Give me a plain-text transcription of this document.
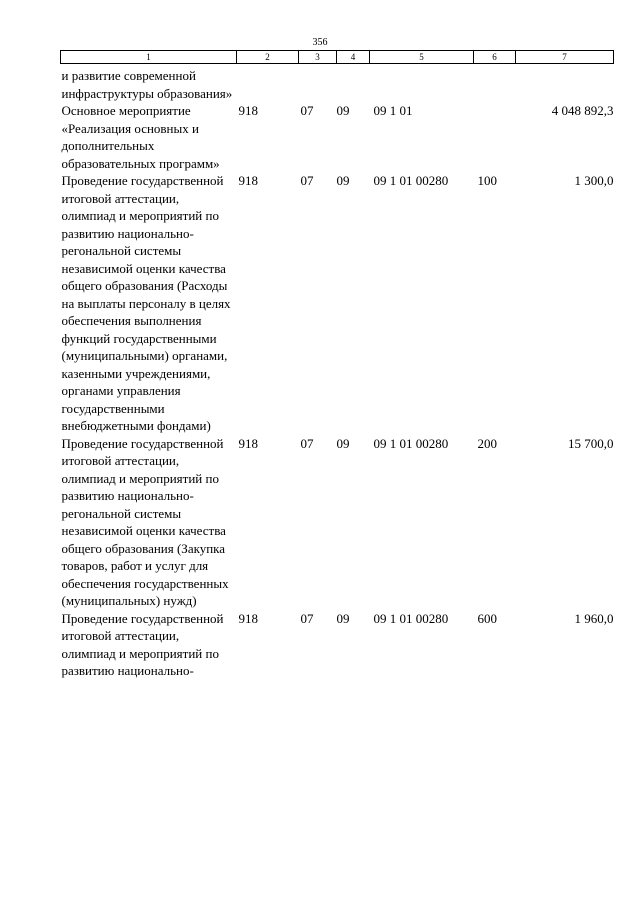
356
1	2	3	4	5	6	7
и развитие современной инфраструктуры образования»						
Основное мероприятие «Реализация основных и дополнительных образовательных программ»	918	07	09	09 1 01		4 048 892,3
Проведение государственной итоговой аттестации, олимпиад и мероприятий по развитию национально-регональной системы независимой оценки качества общего образования (Расходы на выплаты персоналу в целях обеспечения выполнения функций государственными (муниципальными) органами, казенными учреждениями, органами управления государственными внебюджетными фондами)	918	07	09	09 1 01 00280	100	1 300,0
Проведение государственной итоговой аттестации, олимпиад и мероприятий по развитию национально-регональной системы независимой оценки качества общего образования (Закупка товаров, работ и услуг для обеспечения государственных (муниципальных) нужд)	918	07	09	09 1 01 00280	200	15 700,0
Проведение государственной итоговой аттестации, олимпиад и мероприятий по развитию национально-	918	07	09	09 1 01 00280	600	1 960,0
